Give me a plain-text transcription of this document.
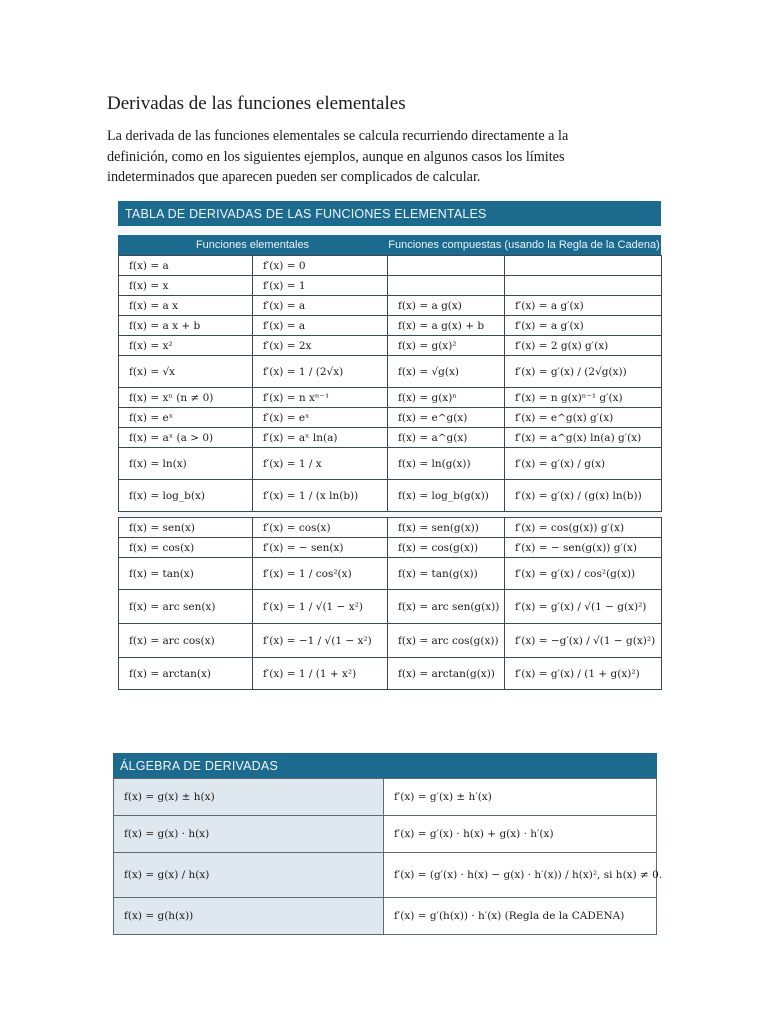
Derivadas de las funciones elementales

La derivada de las funciones elementales se calcula recurriendo directamente a la definición, como en los siguientes ejemplos, aunque en algunos casos los límites indeterminados que aparecen pueden ser complicados de calcular.

TABLA DE DERIVADAS DE LAS FUNCIONES ELEMENTALES
Funciones elementales	Funciones compuestas (usando la Regla de la Cadena)
f(x) = a	f′(x) = 0		
f(x) = x	f′(x) = 1		
f(x) = a x	f′(x) = a	f(x) = a g(x)	f′(x) = a g′(x)
f(x) = a x + b	f′(x) = a	f(x) = a g(x) + b	f′(x) = a g′(x)
f(x) = x²	f′(x) = 2x	f(x) = g(x)²	f′(x) = 2 g(x) g′(x)
f(x) = √x	f′(x) = 1 / (2√x)	f(x) = √g(x)	f′(x) = g′(x) / (2√g(x))
f(x) = xⁿ (n ≠ 0)	f′(x) = n xⁿ⁻¹	f(x) = g(x)ⁿ	f′(x) = n g(x)ⁿ⁻¹ g′(x)
f(x) = eˣ	f′(x) = eˣ	f(x) = e^g(x)	f′(x) = e^g(x) g′(x)
f(x) = aˣ (a > 0)	f′(x) = aˣ ln(a)	f(x) = a^g(x)	f′(x) = a^g(x) ln(a) g′(x)
f(x) = ln(x)	f′(x) = 1 / x	f(x) = ln(g(x))	f′(x) = g′(x) / g(x)
f(x) = log_b(x)	f′(x) = 1 / (x ln(b))	f(x) = log_b(g(x))	f′(x) = g′(x) / (g(x) ln(b))

f(x) = sen(x)	f′(x) = cos(x)	f(x) = sen(g(x))	f′(x) = cos(g(x)) g′(x)
f(x) = cos(x)	f′(x) = − sen(x)	f(x) = cos(g(x))	f′(x) = − sen(g(x)) g′(x)
f(x) = tan(x)	f′(x) = 1 / cos²(x)	f(x) = tan(g(x))	f′(x) = g′(x) / cos²(g(x))
f(x) = arc sen(x)	f′(x) = 1 / √(1 − x²)	f(x) = arc sen(g(x))	f′(x) = g′(x) / √(1 − g(x)²)
f(x) = arc cos(x)	f′(x) = −1 / √(1 − x²)	f(x) = arc cos(g(x))	f′(x) = −g′(x) / √(1 − g(x)²)
f(x) = arctan(x)	f′(x) = 1 / (1 + x²)	f(x) = arctan(g(x))	f′(x) = g′(x) / (1 + g(x)²)
ÁLGEBRA DE DERIVADAS
f(x) = g(x) ± h(x)	f′(x) = g′(x) ± h′(x)
f(x) = g(x) · h(x)	f′(x) = g′(x) · h(x) + g(x) · h′(x)
f(x) = g(x) / h(x)	f′(x) = (g′(x) · h(x) − g(x) · h′(x)) / h(x)², si h(x) ≠ 0.
f(x) = g(h(x))	f′(x) = g′(h(x)) · h′(x) (Regla de la CADENA)
